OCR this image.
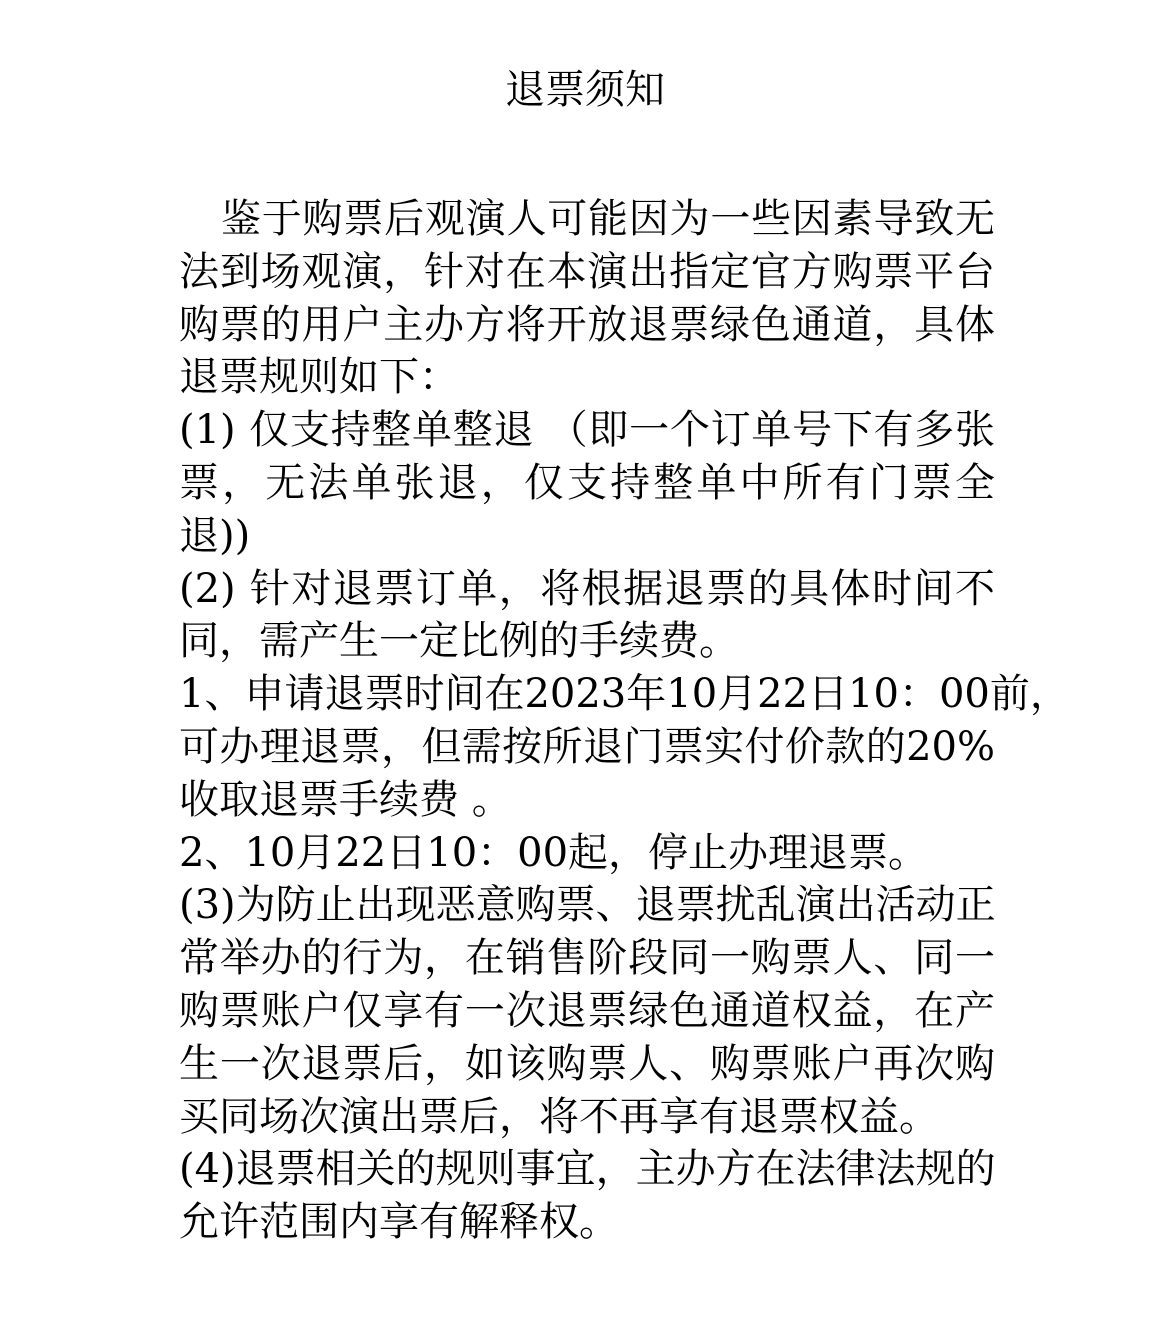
退票须知
鉴于购票后观演人可能因为一些因素导致无
法到场观演，针对在本演出指定官方购票平台
购票的用户主办方将开放退票绿色通道，具体
退票规则如下：
(1) 仅支持整单整退 （即一个订单号下有多张
票，无法单张退，仅支持整单中所有门票全
退))
(2) 针对退票订单，将根据退票的具体时间不
同，需产生一定比例的手续费。
1、申请退票时间在2023年10月22日10：00前，
可办理退票，但需按所退门票实付价款的20%
收取退票手续费 。
2、10月22日10：00起，停止办理退票。
(3)为防止出现恶意购票、退票扰乱演出活动正
常举办的行为，在销售阶段同一购票人、同一
购票账户仅享有一次退票绿色通道权益，在产
生一次退票后，如该购票人、购票账户再次购
买同场次演出票后，将不再享有退票权益。
(4)退票相关的规则事宜，主办方在法律法规的
允许范围内享有解释权。
